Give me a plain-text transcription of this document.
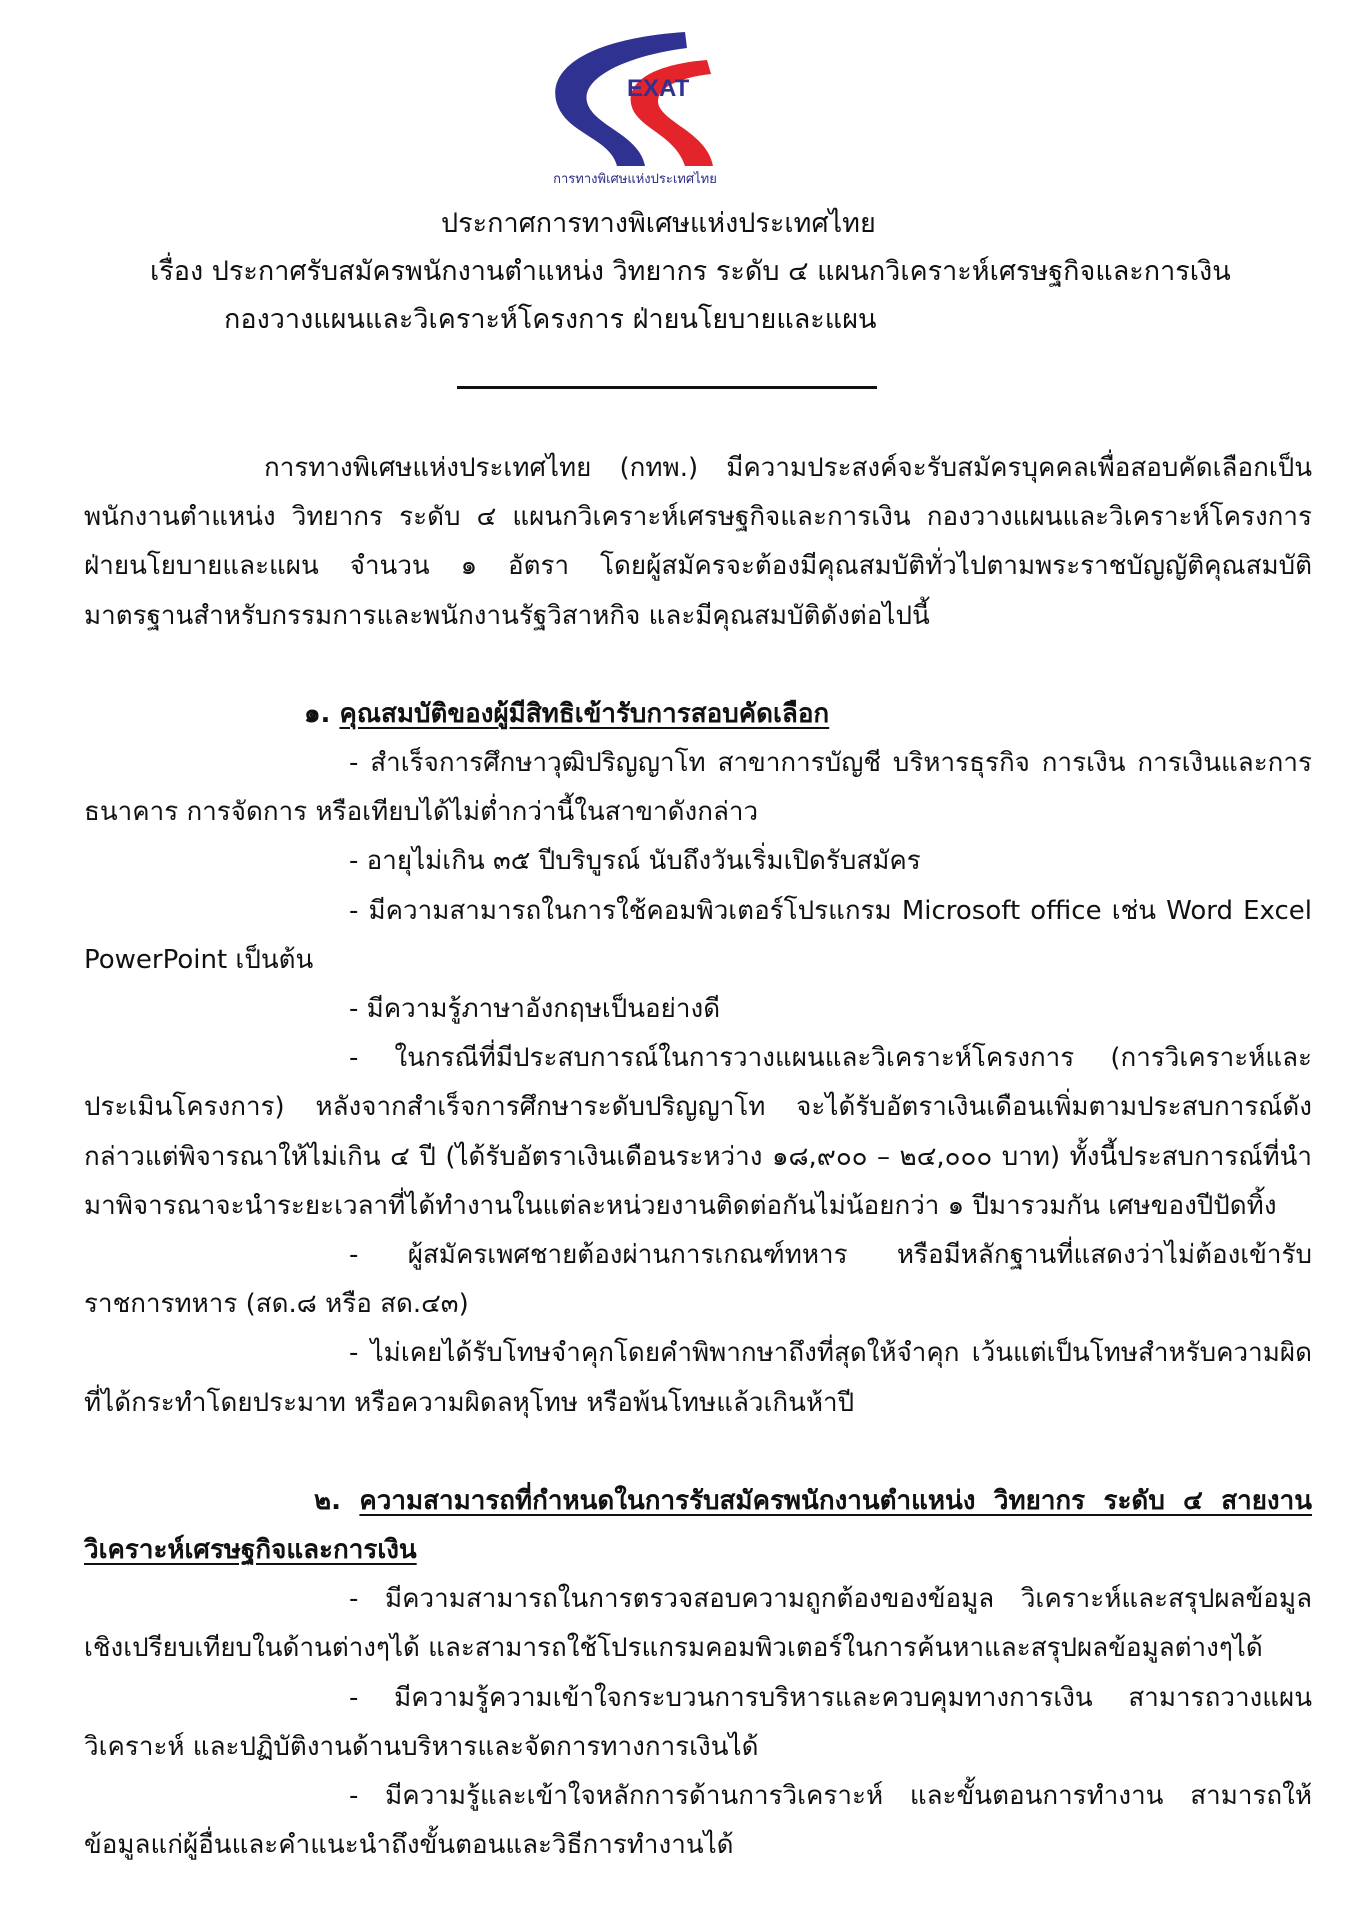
EXAT
การทางพิเศษแห่งประเทศไทย
ประกาศการทางพิเศษแห่งประเทศไทย
เรื่อง ประกาศรับสมัครพนักงานตำแหน่ง วิทยากร ระดับ ๔ แผนกวิเคราะห์เศรษฐกิจและการเงิน
กองวางแผนและวิเคราะห์โครงการ ฝ่ายนโยบายและแผน

การทางพิเศษแห่งประเทศไทย (กทพ.) มีความประสงค์จะรับสมัครบุคคลเพื่อสอบคัดเลือกเป็นพนักงานตำแหน่ง วิทยากร ระดับ ๔ แผนกวิเคราะห์เศรษฐกิจและการเงิน กองวางแผนและวิเคราะห์โครงการ ฝ่ายนโยบายและแผน จำนวน ๑ อัตรา โดยผู้สมัครจะต้องมีคุณสมบัติทั่วไปตามพระราชบัญญัติคุณสมบัติมาตรฐานสำหรับกรรมการและพนักงานรัฐวิสาหกิจ และมีคุณสมบัติดังต่อไปนี้

๑. คุณสมบัติของผู้มีสิทธิเข้ารับการสอบคัดเลือก

- สำเร็จการศึกษาวุฒิปริญญาโท สาขาการบัญชี บริหารธุรกิจ การเงิน การเงินและการธนาคาร การจัดการ หรือเทียบได้ไม่ต่ำกว่านี้ในสาขาดังกล่าว

- อายุไม่เกิน ๓๕ ปีบริบูรณ์ นับถึงวันเริ่มเปิดรับสมัคร

- มีความสามารถในการใช้คอมพิวเตอร์โปรแกรม Microsoft office เช่น Word Excel PowerPoint เป็นต้น

- มีความรู้ภาษาอังกฤษเป็นอย่างดี

- ในกรณีที่มีประสบการณ์ในการวางแผนและวิเคราะห์โครงการ (การวิเคราะห์และประเมินโครงการ) หลังจากสำเร็จการศึกษาระดับปริญญาโท จะได้รับอัตราเงินเดือนเพิ่มตามประสบการณ์ดังกล่าวแต่พิจารณาให้ไม่เกิน ๔ ปี (ได้รับอัตราเงินเดือนระหว่าง ๑๘,๙๐๐ – ๒๔,๐๐๐ บาท) ทั้งนี้ประสบการณ์ที่นำมาพิจารณาจะนำระยะเวลาที่ได้ทำงานในแต่ละหน่วยงานติดต่อกันไม่น้อยกว่า ๑ ปีมารวมกัน เศษของปีปัดทิ้ง

- ผู้สมัครเพศชายต้องผ่านการเกณฑ์ทหาร หรือมีหลักฐานที่แสดงว่าไม่ต้องเข้ารับราชการทหาร (สด.๘ หรือ สด.๔๓)

- ไม่เคยได้รับโทษจำคุกโดยคำพิพากษาถึงที่สุดให้จำคุก เว้นแต่เป็นโทษสำหรับความผิดที่ได้กระทำโดยประมาท หรือความผิดลหุโทษ หรือพ้นโทษแล้วเกินห้าปี

๒. ความสามารถที่กำหนดในการรับสมัครพนักงานตำแหน่ง วิทยากร ระดับ ๔ สายงานวิเคราะห์เศรษฐกิจและการเงิน

- มีความสามารถในการตรวจสอบความถูกต้องของข้อมูล วิเคราะห์และสรุปผลข้อมูลเชิงเปรียบเทียบในด้านต่างๆได้ และสามารถใช้โปรแกรมคอมพิวเตอร์ในการค้นหาและสรุปผลข้อมูลต่างๆได้

- มีความรู้ความเข้าใจกระบวนการบริหารและควบคุมทางการเงิน สามารถวางแผนวิเคราะห์ และปฏิบัติงานด้านบริหารและจัดการทางการเงินได้

- มีความรู้และเข้าใจหลักการด้านการวิเคราะห์ และขั้นตอนการทำงาน สามารถให้ข้อมูลแก่ผู้อื่นและคำแนะนำถึงขั้นตอนและวิธีการทำงานได้
